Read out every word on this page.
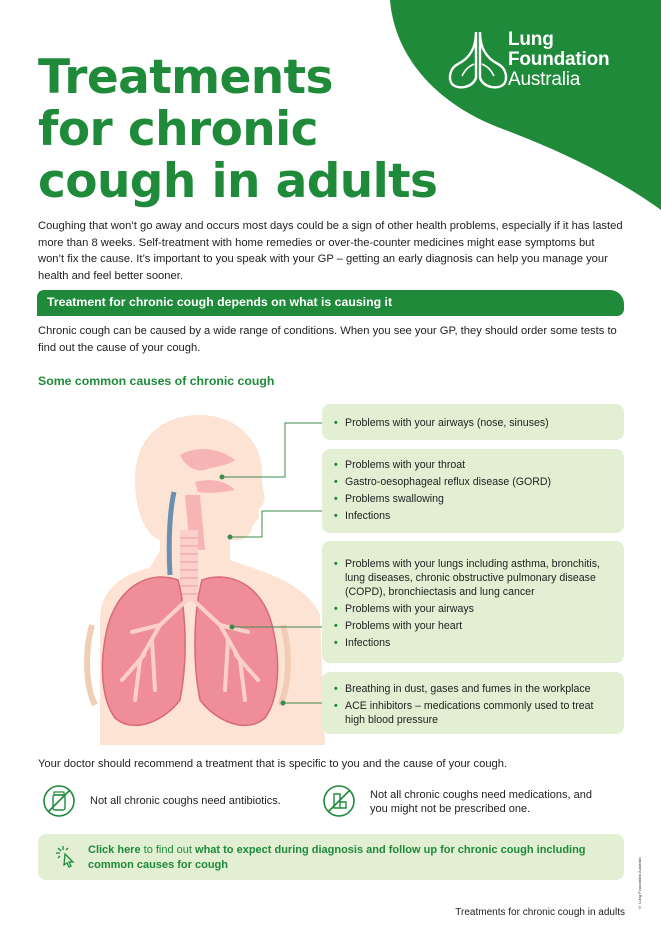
Lung
Foundation
Australia
Treatments
for chronic
cough in adults

Coughing that won’t go away and occurs most days could be a sign of other health problems, especially if it has lasted more than 8 weeks. Self-treatment with home remedies or over-the-counter medicines might ease symptoms but won’t fix the cause. It’s important to you speak with your GP – getting an early diagnosis can help you manage your health and feel better sooner.

Treatment for chronic cough depends on what is causing it

Chronic cough can be caused by a wide range of conditions. When you see your GP, they should order some tests to find out the cause of your cough.

Some common causes of chronic cough
• Problems with your airways (nose, sinuses)
• Problems with your throat
• Gastro-oesophageal reflux disease (GORD)
• Problems swallowing
• Infections
• Problems with your lungs including asthma, bronchitis, lung diseases, chronic obstructive pulmonary disease (COPD), bronchiectasis and lung cancer
• Problems with your airways
• Problems with your heart
• Infections
• Breathing in dust, gases and fumes in the workplace
• ACE inhibitors – medications commonly used to treat high blood pressure

Your doctor should recommend a treatment that is specific to you and the cause of your cough.

Not all chronic coughs need antibiotics.	Not all chronic coughs need medications, and you might not be prescribed one.
Click here to find out what to expect during diagnosis and follow up for chronic cough including common causes for cough	© Lung Foundation Australia
Treatments for chronic cough in adults
